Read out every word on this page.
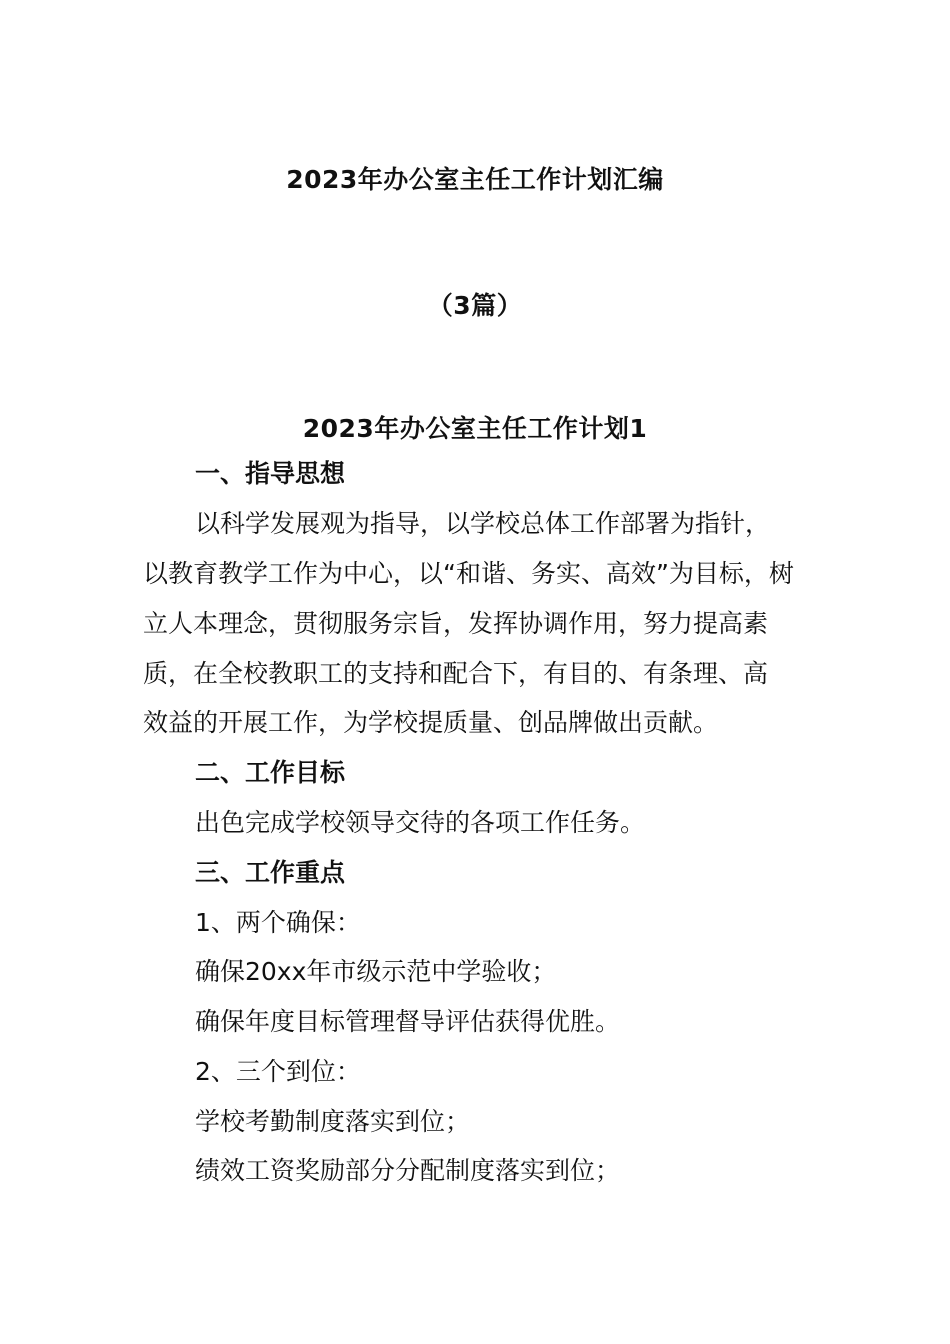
2023年办公室主任工作计划汇编
（3篇）
2023年办公室主任工作计划1
一、指导思想
以科学发展观为指导，以学校总体工作部署为指针，
以教育教学工作为中心，以“和谐、务实、高效”为目标，树
立人本理念，贯彻服务宗旨，发挥协调作用，努力提高素
质，在全校教职工的支持和配合下，有目的、有条理、高
效益的开展工作，为学校提质量、创品牌做出贡献。
二、工作目标
出色完成学校领导交待的各项工作任务。
三、工作重点
1、两个确保：
确保20xx年市级示范中学验收；
确保年度目标管理督导评估获得优胜。
2、三个到位：
学校考勤制度落实到位；
绩效工资奖励部分分配制度落实到位；
